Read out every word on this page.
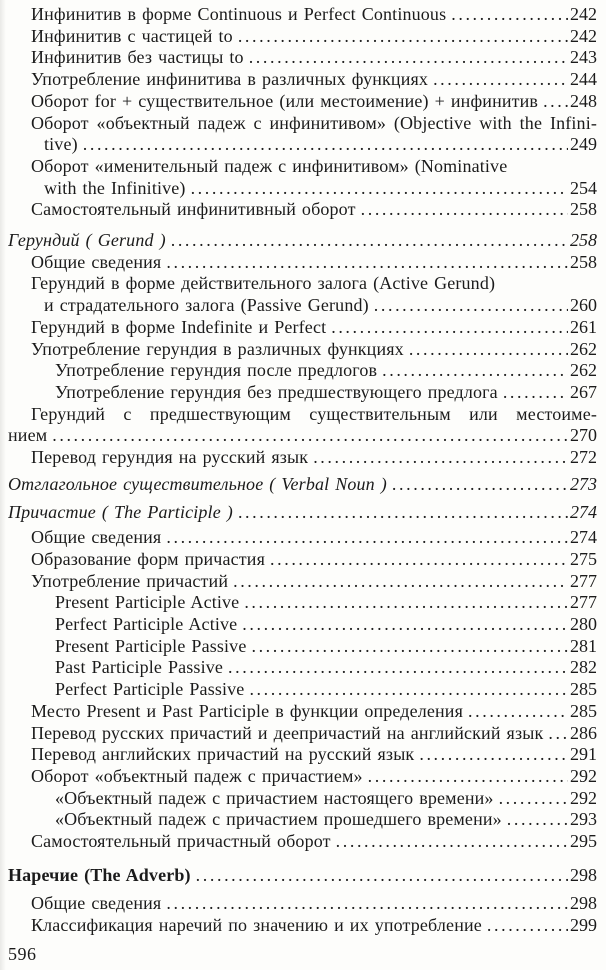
Инфинитив в форме Continuous и Perfect Continuous .....	242
Инфинитив с частицей to .....	242
Инфинитив без частицы to .....	243
Употребление инфинитива в различных функциях .....	244
Оборот for + существительное (или местоимение) + инфинитив ..... 248
Оборот «объектный падеж с инфинитивом» (Objective with the Infini-
tive) .....	249
Оборот «именительный падеж с инфинитивом» (Nominative
with the Infinitive) .....	254
Самостоятельный инфинитивный оборот .....	258
Герундий ( Gerund ) .....	258
Общие сведения .....	258
Герундий в форме действительного залога (Active Gerund)
и страдательного залога (Passive Gerund) .....	260
Герундий в форме Indefinite и Perfect .....	261
Употребление герундия в различных функциях .....	262
Употребление герундия после предлогов .....	262
Употребление герундия без предшествующего предлога .....	267
Герундий с предшествующим существительным или местоиме-
нием .....	270
Перевод герундия на русский язык .....	272
Отглагольное существительное ( Verbal Noun ) .....	273
Причастие ( The Participle ) .....	274
Общие сведения .....	274
Образование форм причастия .....	275
Употребление причастий .....	277
Present Participle Active .....	277
Perfect Participle Active .....	280
Present Participle Passive .....	281
Past Participle Passive .....	282
Perfect Participle Passive .....	285
Место Present и Past Participle в функции определения .....	285
Перевод русских причастий и деепричастий на английский язык ..... 286
Перевод английских причастий на русский язык .....	291
Оборот «объектный падеж с причастием» .....	292
«Объектный падеж с причастием настоящего времени» .....	292
«Объектный падеж с причастием прошедшего времени» .....	293
Самостоятельный причастный оборот .....	295
Наречие (The Adverb) .....	298
Общие сведения .....	298
Классификация наречий по значению и их употребление .....	299
596
